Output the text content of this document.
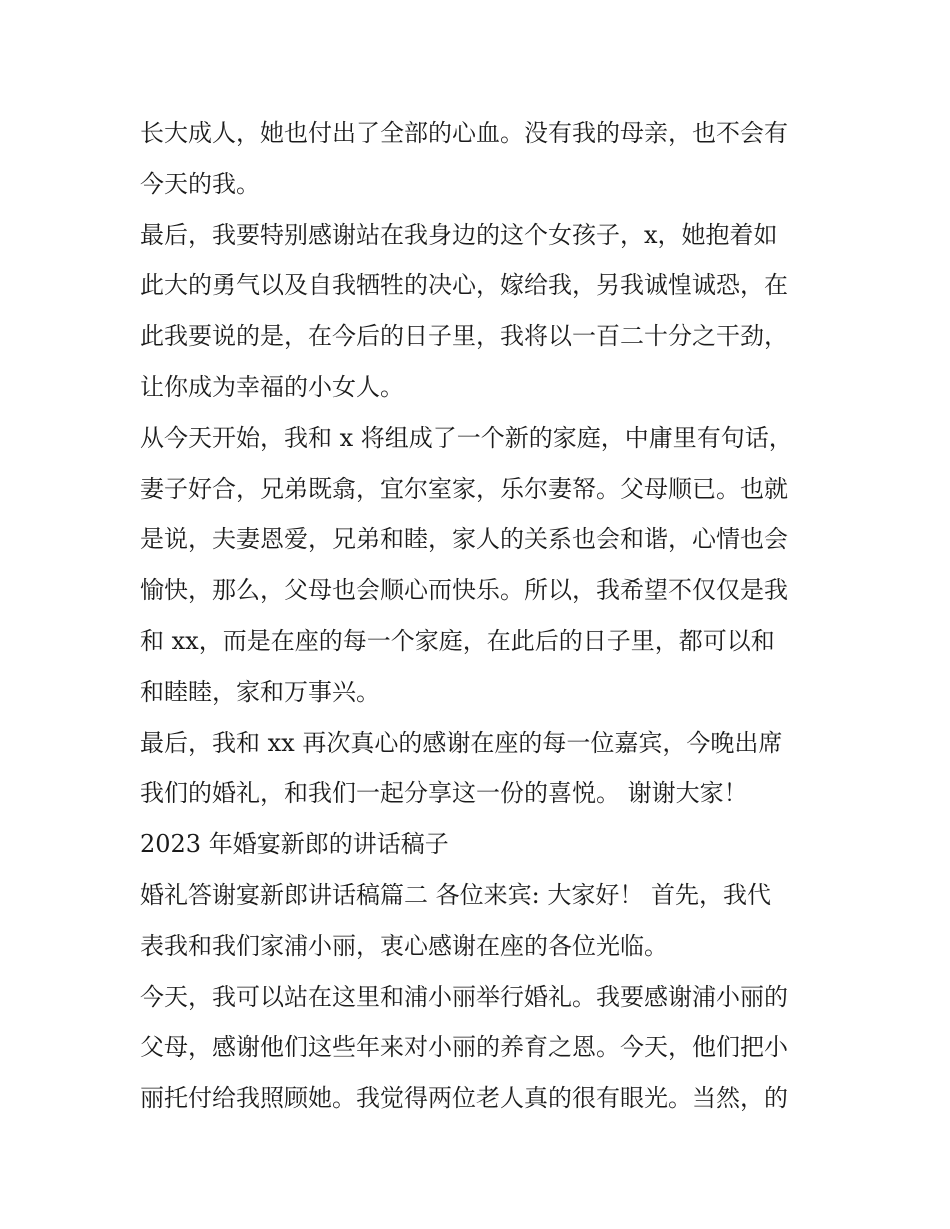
长大成人，她也付出了全部的心血。没有我的母亲，也不会有
今天的我。
最后，我要特别感谢站在我身边的这个女孩子，x，她抱着如
此大的勇气以及自我牺牲的决心，嫁给我，另我诚惶诚恐，在
此我要说的是，在今后的日子里，我将以一百二十分之干劲，
让你成为幸福的小女人。
从今天开始，我和 x 将组成了一个新的家庭，中庸里有句话，
妻子好合，兄弟既翕，宜尔室家，乐尔妻帑。父母顺已。也就
是说，夫妻恩爱，兄弟和睦，家人的关系也会和谐，心情也会
愉快，那么，父母也会顺心而快乐。所以，我希望不仅仅是我
和 xx，而是在座的每一个家庭，在此后的日子里，都可以和
和睦睦，家和万事兴。
最后，我和 xx 再次真心的感谢在座的每一位嘉宾，今晚出席
我们的婚礼，和我们一起分享这一份的喜悦。 谢谢大家！
2023 年婚宴新郎的讲话稿子
婚礼答谢宴新郎讲话稿篇二 各位来宾: 大家好！ 首先，我代
表我和我们家浦小丽，衷心感谢在座的各位光临。
今天，我可以站在这里和浦小丽举行婚礼。我要感谢浦小丽的
父母，感谢他们这些年来对小丽的养育之恩。今天，他们把小
丽托付给我照顾她。我觉得两位老人真的很有眼光。当然，的
